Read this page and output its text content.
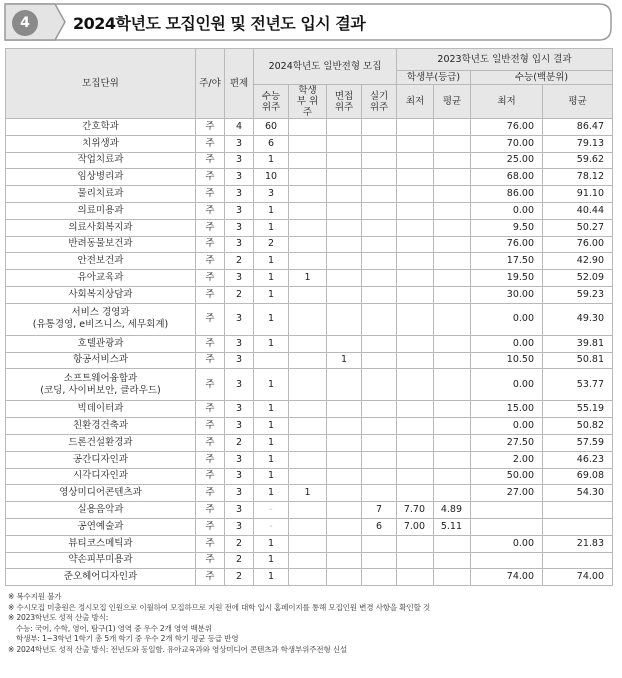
4	2024학년도 모집인원 및 전년도 입시 결과
모집단위	주/야	편제	2024학년도 일반전형 모집				2023학년도 일반전형 입시 결과			
							학생부(등급)		수능(백분위)	
			수능 위주	학생부 위주	면접 위주	실기 위주	최저	평균	최저	평균

간호학과	주	4	60						76.00	86.47

치위생과	주	3	6						70.00	79.13

작업치료과	주	3	1						25.00	59.62

임상병리과	주	3	10						68.00	78.12

물리치료과	주	3	3						86.00	91.10

의료미용과	주	3	1						0.00	40.44

의료사회복지과	주	3	1						9.50	50.27

반려동물보건과	주	3	2						76.00	76.00

안전보건과	주	2	1						17.50	42.90

유아교육과	주	3	1	1					19.50	52.09

사회복지상담과	주	2	1						30.00	59.23

서비스 경영과
(유통경영, e비즈니스, 세무회계)	주	3	1						0.00	49.30

호텔관광과	주	3	1						0.00	39.81

항공서비스과	주	3			1				10.50	50.81

소프트웨어융합과
(코딩, 사이버보안, 클라우드)	주	3	1						0.00	53.77

빅데이터과	주	3	1						15.00	55.19

친환경건축과	주	3	1						0.00	50.82

드론건설환경과	주	2	1						27.50	57.59

공간디자인과	주	3	1						2.00	46.23

시각디자인과	주	3	1						50.00	69.08

영상미디어콘텐츠과	주	3	1	1					27.00	54.30

실용음악과	주	3	-			7	7.70	4.89		

공연예술과	주	3	-			6	7.00	5.11		

뷰티코스메틱과	주	2	1						0.00	21.83

약손피부미용과	주	2	1							

준오헤어디자인과	주	2	1						74.00	74.00
※ 복수지원 불가
※ 수시모집 미충원은 정시모집 인원으로 이월하여 모집하므로 지원 전에 대학 입시 홈페이지를 통해 모집인원 변경 사항을 확인할 것
※ 2023학년도 성적 산출 방식:
수능: 국어, 수학, 영어, 탐구(1) 영역 중 우수 2개 영역 백분위
학생부: 1~3학년 1학기 총 5개 학기 중 우수 2개 학기 평균 등급 반영
※ 2024학년도 성적 산출 방식: 전년도와 동일함. 유아교육과와 영상미디어 콘텐츠과 학생부위주전형 신설
